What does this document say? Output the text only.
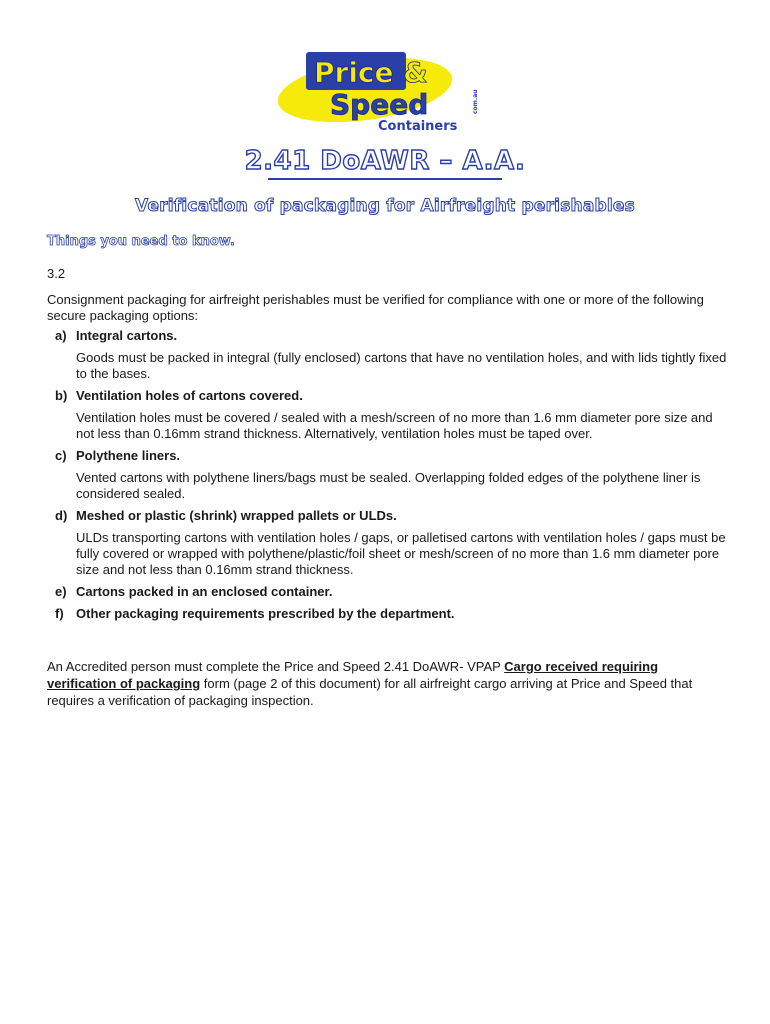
Price &
Speed	com.au
Containers
2.41 DoAWR – A.A.
Verification of packaging for Airfreight perishables
Things you need to know.

3.2

Consignment packaging for airfreight perishables must be verified for compliance with one or more of the following secure packaging options:

a) Integral cartons.

Goods must be packed in integral (fully enclosed) cartons that have no ventilation holes, and with lids tightly fixed to the bases.

b) Ventilation holes of cartons covered.

Ventilation holes must be covered / sealed with a mesh/screen of no more than 1.6 mm diameter pore size and not less than 0.16mm strand thickness. Alternatively, ventilation holes must be taped over.

c) Polythene liners.

Vented cartons with polythene liners/bags must be sealed. Overlapping folded edges of the polythene liner is considered sealed.

d) Meshed or plastic (shrink) wrapped pallets or ULDs.

ULDs transporting cartons with ventilation holes / gaps, or palletised cartons with ventilation holes / gaps must be fully covered or wrapped with polythene/plastic/foil sheet or mesh/screen of no more than 1.6 mm diameter pore size and not less than 0.16mm strand thickness.

e) Cartons packed in an enclosed container.
f) Other packaging requirements prescribed by the department.

An Accredited person must complete the Price and Speed 2.41 DoAWR- VPAP Cargo received requiring verification of packaging form (page 2 of this document) for all airfreight cargo arriving at Price and Speed that requires a verification of packaging inspection.
